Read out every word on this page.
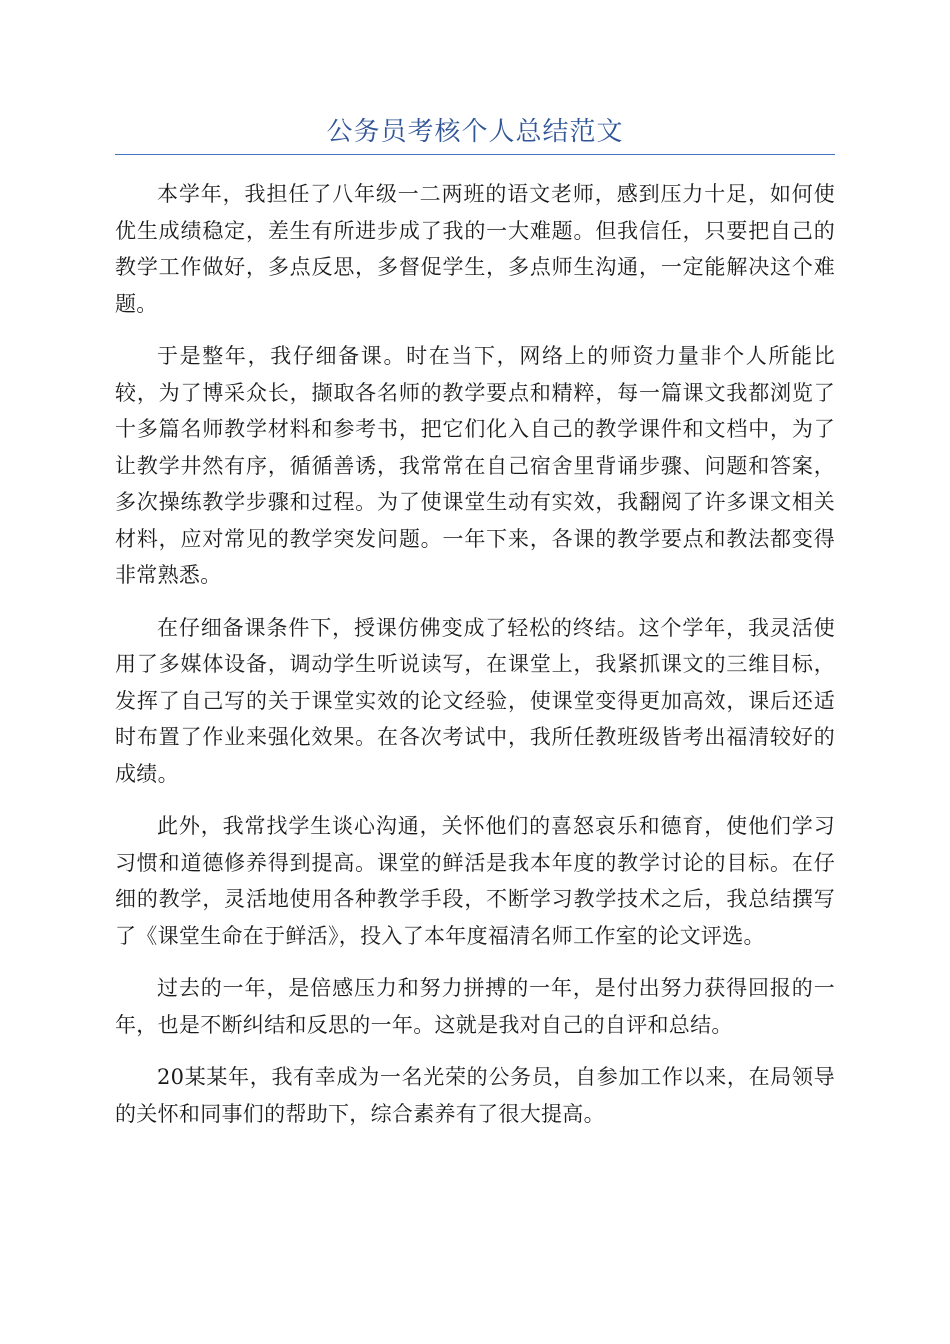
公务员考核个人总结范文

本学年，我担任了八年级一二两班的语文老师，感到压力十足，如何使优生成绩稳定，差生有所进步成了我的一大难题。但我信任，只要把自己的教学工作做好，多点反思，多督促学生，多点师生沟通，一定能解决这个难题。

于是整年，我仔细备课。时在当下，网络上的师资力量非个人所能比较，为了博采众长，撷取各名师的教学要点和精粹，每一篇课文我都浏览了十多篇名师教学材料和参考书，把它们化入自己的教学课件和文档中，为了让教学井然有序，循循善诱，我常常在自己宿舍里背诵步骤、问题和答案，多次操练教学步骤和过程。为了使课堂生动有实效，我翻阅了许多课文相关材料，应对常见的教学突发问题。一年下来，各课的教学要点和教法都变得非常熟悉。

在仔细备课条件下，授课仿佛变成了轻松的终结。这个学年，我灵活使用了多媒体设备，调动学生听说读写，在课堂上，我紧抓课文的三维目标，发挥了自己写的关于课堂实效的论文经验，使课堂变得更加高效，课后还适时布置了作业来强化效果。在各次考试中，我所任教班级皆考出福清较好的成绩。

此外，我常找学生谈心沟通，关怀他们的喜怒哀乐和德育，使他们学习习惯和道德修养得到提高。课堂的鲜活是我本年度的教学讨论的目标。在仔细的教学，灵活地使用各种教学手段，不断学习教学技术之后，我总结撰写了《课堂生命在于鲜活》，投入了本年度福清名师工作室的论文评选。

过去的一年，是倍感压力和努力拼搏的一年，是付出努力获得回报的一年，也是不断纠结和反思的一年。这就是我对自己的自评和总结。

20某某年，我有幸成为一名光荣的公务员，自参加工作以来，在局领导的关怀和同事们的帮助下，综合素养有了很大提高。
